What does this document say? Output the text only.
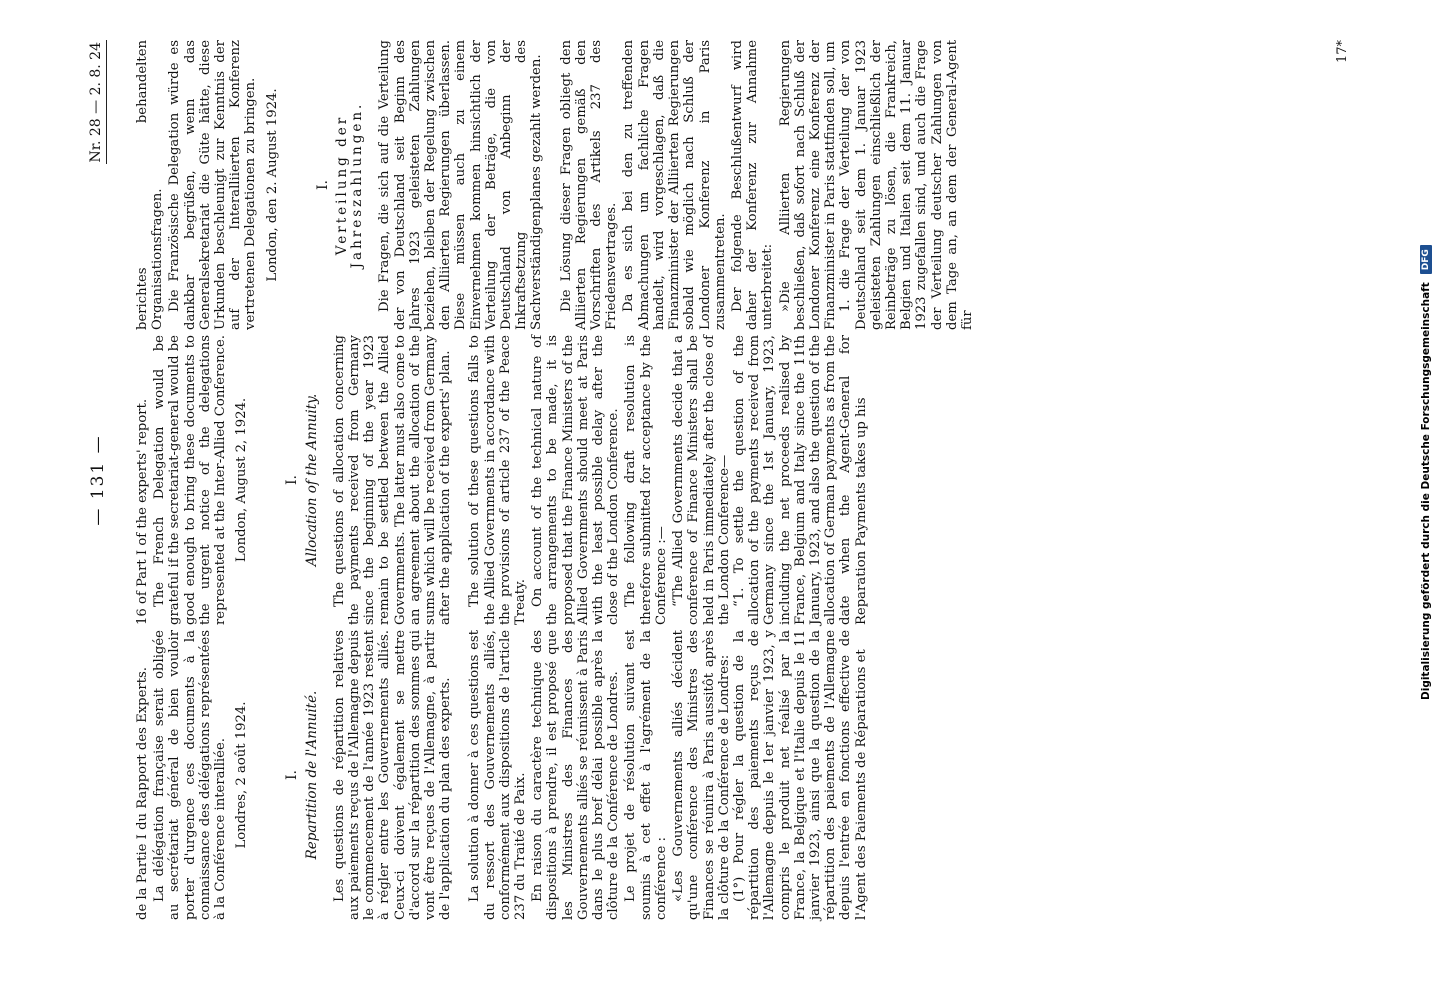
— 131 —
Nr. 28 — 2. 8. 24

de la Partie I du Rapport des Experts. La délégation française serait obligée au secrétariat général de bien vouloir porter d'urgence ces documents à la connaissance des délégations représentées à la Conférence interalliée. Londres, 2 août 1924.	I. Repartition de l'Annuité. Les questions de répartition relatives aux paiements reçus de l'Allemagne depuis le commencement de l'année 1923 restent à régler entre les Gouvernements alliés. Ceux-ci doivent également se mettre d'accord sur la répartition des sommes qui vont être reçues de l'Allemagne, à partir de l'application du plan des experts. La solution à donner à ces questions est du ressort des Gouvernements alliés, conformément aux dispositions de l'article 237 du Traité de Paix. En raison du caractère technique des dispositions à prendre, il est proposé que les Ministres des Finances des Gouvernements alliés se réunissent à Paris dans le plus bref délai possible après la clôture de la Conférence de Londres. Le projet de résolution suivant est soumis à cet effet à l'agrément de la conférence : «Les Gouvernements alliés décident qu'une conférence des Ministres des Finances se réunira à Paris aussitôt après la clôture de la Conférence de Londres: (1°) Pour régler la question de la répartition des paiements reçus de l'Allemagne depuis le 1er janvier 1923, y compris le produit net réalisé par la France, la Belgique et l'Italie depuis le 11 janvier 1923, ainsi que la question de la répartition des paiements de l'Allemagne depuis l'entrée en fonctions effective de l'Agent des Paiements de Réparations et

16 of Part I of the experts' report. The French Delegation would be grateful if the secretariat-general would be good enough to bring these documents to the urgent notice of the delegations represented at the Inter-Allied Conference. London, August 2, 1924.	I. Allocation of the Annuity. The questions of allocation concerning the payments received from Germany since the beginning of the year 1923 remain to be settled between the Allied Governments. The latter must also come to an agreement about the allocation of the sums which will be received from Germany after the application of the experts' plan. The solution of these questions falls to the Allied Governments in accordance with the provisions of article 237 of the Peace Treaty. On account of the technical nature of the arrangements to be made, it is proposed that the Finance Ministers of the Allied Governments should meet at Paris with the least possible delay after the close of the London Conference. The following draft resolution is therefore submitted for acceptance by the Conference :— “The Allied Governments decide that a conference of Finance Ministers shall be held in Paris immediately after the close of the London Conference— “1. To settle the question of the allocation of the payments received from Germany since the 1st January, 1923, including the net proceeds realised by France, Belgium and Italy since the 11th January, 1923, and also the question of the allocation of German payments as from the date when the Agent-General for Reparation Payments takes up his

berichtes behandelten Organisationsfragen. Die Französische Delegation würde es dankbar begrüßen, wenn das Generalsekretariat die Güte hätte, diese Urkunden beschleunigt zur Kenntnis der auf der Interalliierten Konferenz vertretenen Delegationen zu bringen. London, den 2. August 1924.	I. Verteilung der Jahreszahlungen. Die Fragen, die sich auf die Verteilung der von Deutschland seit Beginn des Jahres 1923 geleisteten Zahlungen beziehen, bleiben der Regelung zwischen den Alliierten Regierungen überlassen. Diese müssen auch zu einem Einvernehmen kommen hinsichtlich der Verteilung der Beträge, die von Deutschland von Anbeginn der Inkraftsetzung des Sachverständigenplanes gezahlt werden. Die Lösung dieser Fragen obliegt den Alliierten Regierungen gemäß den Vorschriften des Artikels 237 des Friedensvertrages. Da es sich bei den zu treffenden Abmachungen um fachliche Fragen handelt, wird vorgeschlagen, daß die Finanzminister der Alliierten Regierungen sobald wie möglich nach Schluß der Londoner Konferenz in Paris zusammentreten. Der folgende Beschlußentwurf wird daher der Konferenz zur Annahme unterbreitet: »Die Alliierten Regierungen beschließen, daß sofort nach Schluß der Londoner Konferenz eine Konferenz der Finanzminister in Paris stattfinden soll, um 1. die Frage der Verteilung der von Deutschland seit dem 1. Januar 1923 geleisteten Zahlungen einschließlich der Reinbeträge zu lösen, die Frankreich, Belgien und Italien seit dem 11. Januar 1923 zugefallen sind, und auch die Frage der Verteilung deutscher Zahlungen von dem Tage an, an dem der General-Agent für

17*
Digitalisierung gefördert durch die Deutsche Forschungsgemeinschaft
DFG
